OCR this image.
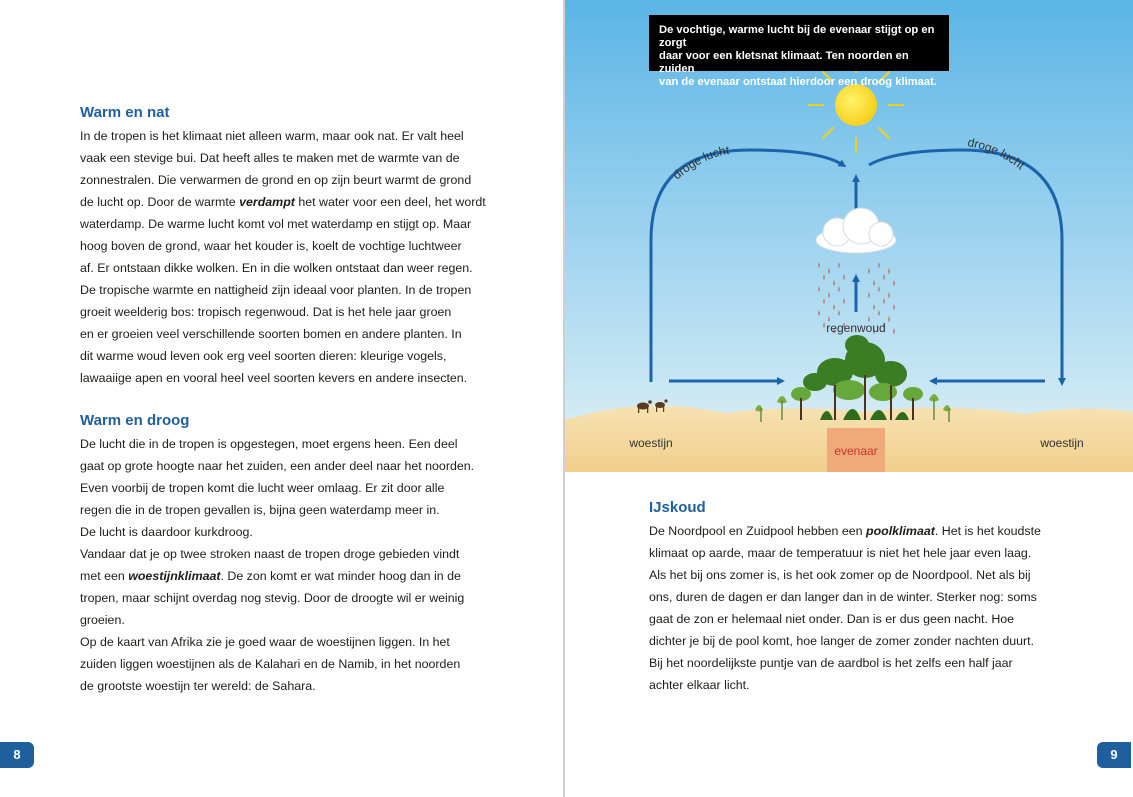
Warm en nat

In de tropen is het klimaat niet alleen warm, maar ook nat. Er valt heel

vaak een stevige bui. Dat heeft alles te maken met de warmte van de

zonnestralen. Die verwarmen de grond en op zijn beurt warmt de grond

de lucht op. Door de warmte verdampt het water voor een deel, het wordt

waterdamp. De warme lucht komt vol met waterdamp en stijgt op. Maar

hoog boven de grond, waar het kouder is, koelt de vochtige luchtweer

af. Er ontstaan dikke wolken. En in die wolken ontstaat dan weer regen.

De tropische warmte en nattigheid zijn ideaal voor planten. In de tropen

groeit weelderig bos: tropisch regenwoud. Dat is het hele jaar groen

en er groeien veel verschillende soorten bomen en andere planten. In

dit warme woud leven ook erg veel soorten dieren: kleurige vogels,

lawaaiige apen en vooral heel veel soorten kevers en andere insecten.

Warm en droog

De lucht die in de tropen is opgestegen, moet ergens heen. Een deel

gaat op grote hoogte naar het zuiden, een ander deel naar het noorden.

Even voorbij de tropen komt die lucht weer omlaag. Er zit door alle

regen die in de tropen gevallen is, bijna geen waterdamp meer in.

De lucht is daardoor kurkdroog.

Vandaar dat je op twee stroken naast de tropen droge gebieden vindt

met een woestijnklimaat. De zon komt er wat minder hoog dan in de

tropen, maar schijnt overdag nog stevig. Door de droogte wil er weinig

groeien.

Op de kaart van Afrika zie je goed waar de woestijnen liggen. In het

zuiden liggen woestijnen als de Kalahari en de Namib, in het noorden

de grootste woestijn ter wereld: de Sahara.

8
IJskoud

De Noordpool en Zuidpool hebben een poolklimaat. Het is het koudste

klimaat op aarde, maar de temperatuur is niet het hele jaar even laag.

Als het bij ons zomer is, is het ook zomer op de Noordpool. Net als bij

ons, duren de dagen er dan langer dan in de winter. Sterker nog: soms

gaat de zon er helemaal niet onder. Dan is er dus geen nacht. Hoe

dichter je bij de pool komt, hoe langer de zomer zonder nachten duurt.

Bij het noordelijkste puntje van de aardbol is het zelfs een half jaar

achter elkaar licht.

9
droge lucht
droge lucht
regenwoud
evenaar
woestijn	woestijn
De vochtige, warme lucht bij de evenaar stijgt op en zorgt
daar voor een kletsnat klimaat. Ten noorden en zuiden
van de evenaar ontstaat hierdoor een droog klimaat.
